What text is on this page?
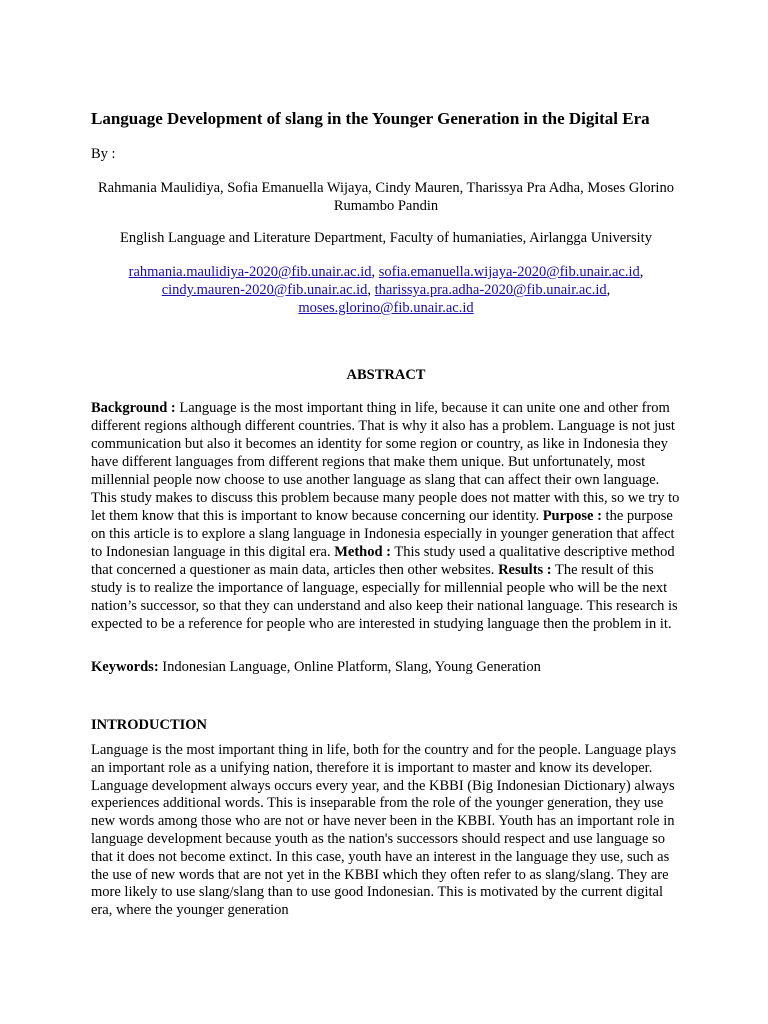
Language Development of slang in the Younger Generation in the Digital Era
By :
Rahmania Maulidiya, Sofia Emanuella Wijaya, Cindy Mauren, Tharissya Pra Adha, Moses Glorino Rumambo Pandin
English Language and Literature Department, Faculty of humaniaties, Airlangga University
rahmania.maulidiya-2020@fib.unair.ac.id, sofia.emanuella.wijaya-2020@fib.unair.ac.id,
cindy.mauren-2020@fib.unair.ac.id, tharissya.pra.adha-2020@fib.unair.ac.id,
moses.glorino@fib.unair.ac.id
ABSTRACT

Background : Language is the most important thing in life, because it can unite one and other from different regions although different countries. That is why it also has a problem. Language is not just communication but also it becomes an identity for some region or country, as like in Indonesia they have different languages from different regions that make them unique. But unfortunately, most millennial people now choose to use another language as slang that can affect their own language. This study makes to discuss this problem because many people does not matter with this, so we try to let them know that this is important to know because concerning our identity. Purpose : the purpose on this article is to explore a slang language in Indonesia especially in younger generation that affect to Indonesian language in this digital era. Method : This study used a qualitative descriptive method that concerned a questioner as main data, articles then other websites. Results : The result of this study is to realize the importance of language, especially for millennial people who will be the next nation’s successor, so that they can understand and also keep their national language. This research is expected to be a reference for people who are interested in studying language then the problem in it.

Keywords: Indonesian Language, Online Platform, Slang, Young Generation

INTRODUCTION

Language is the most important thing in life, both for the country and for the people. Language plays an important role as a unifying nation, therefore it is important to master and know its developer. Language development always occurs every year, and the KBBI (Big Indonesian Dictionary) always experiences additional words. This is inseparable from the role of the younger generation, they use new words among those who are not or have never been in the KBBI. Youth has an important role in language development because youth as the nation's successors should respect and use language so that it does not become extinct. In this case, youth have an interest in the language they use, such as the use of new words that are not yet in the KBBI which they often refer to as slang/slang. They are more likely to use slang/slang than to use good Indonesian. This is motivated by the current digital era, where the younger generation
